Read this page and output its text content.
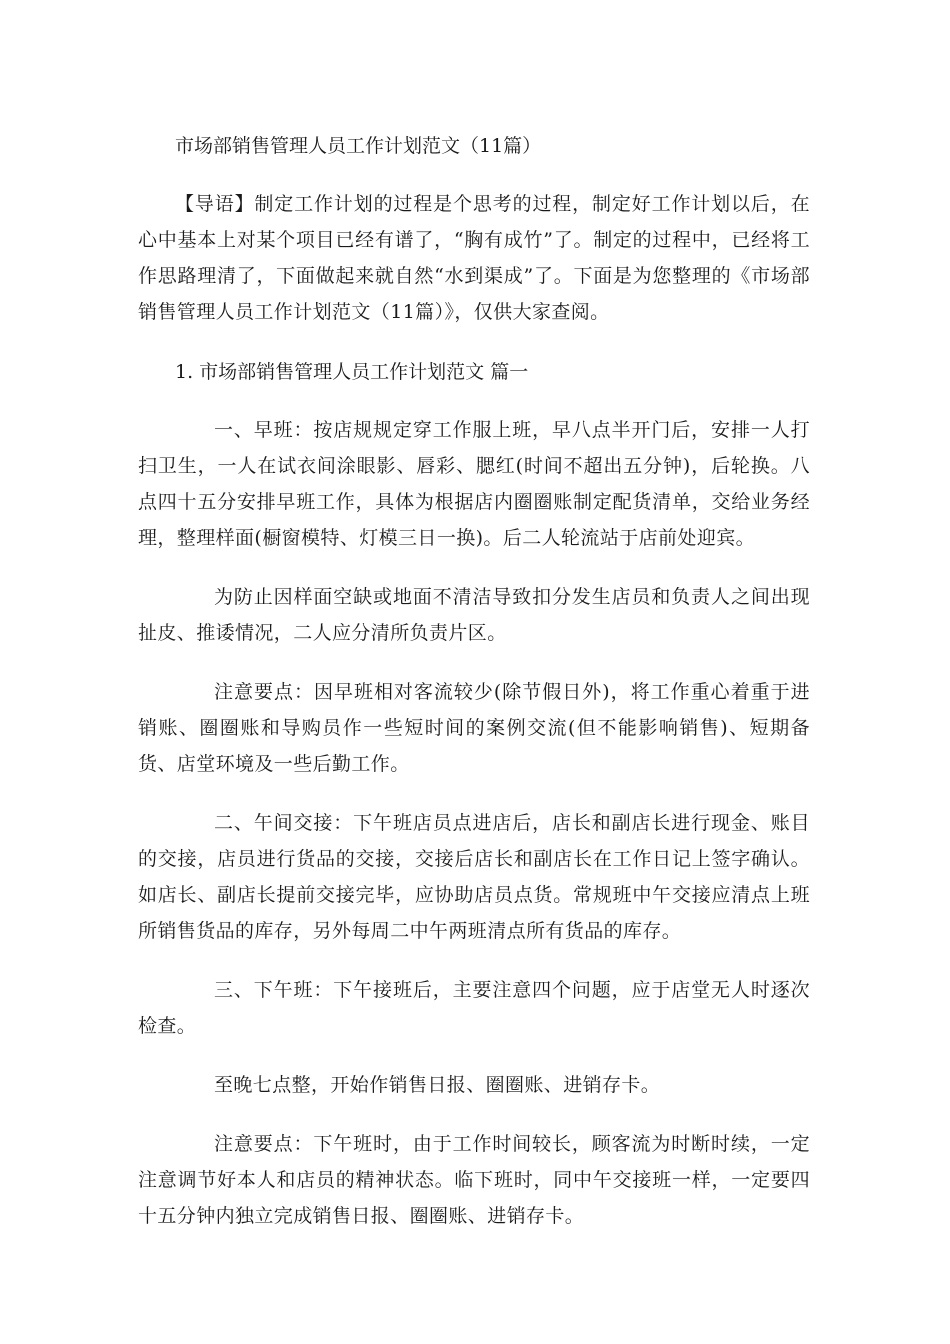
市场部销售管理人员工作计划范文（11篇）

【导语】制定工作计划的过程是个思考的过程，制定好工作计划以后，在心中基本上对某个项目已经有谱了，“胸有成竹”了。制定的过程中，已经将工作思路理清了，下面做起来就自然“水到渠成”了。下面是为您整理的《市场部销售管理人员工作计划范文（11篇）》，仅供大家查阅。

1. 市场部销售管理人员工作计划范文 篇一

一、早班：按店规规定穿工作服上班，早八点半开门后，安排一人打扫卫生，一人在试衣间涂眼影、唇彩、腮红(时间不超出五分钟)，后轮换。八点四十五分安排早班工作，具体为根据店内圈圈账制定配货清单，交给业务经理，整理样面(橱窗模特、灯模三日一换)。后二人轮流站于店前处迎宾。

为防止因样面空缺或地面不清洁导致扣分发生店员和负责人之间出现扯皮、推诿情况，二人应分清所负责片区。

注意要点：因早班相对客流较少(除节假日外)，将工作重心着重于进销账、圈圈账和导购员作一些短时间的案例交流(但不能影响销售)、短期备货、店堂环境及一些后勤工作。

二、午间交接：下午班店员点进店后，店长和副店长进行现金、账目的交接，店员进行货品的交接，交接后店长和副店长在工作日记上签字确认。如店长、副店长提前交接完毕，应协助店员点货。常规班中午交接应清点上班所销售货品的库存，另外每周二中午两班清点所有货品的库存。

三、下午班：下午接班后，主要注意四个问题，应于店堂无人时逐次检查。

至晚七点整，开始作销售日报、圈圈账、进销存卡。

注意要点：下午班时，由于工作时间较长，顾客流为时断时续，一定注意调节好本人和店员的精神状态。临下班时，同中午交接班一样，一定要四十五分钟内独立完成销售日报、圈圈账、进销存卡。
